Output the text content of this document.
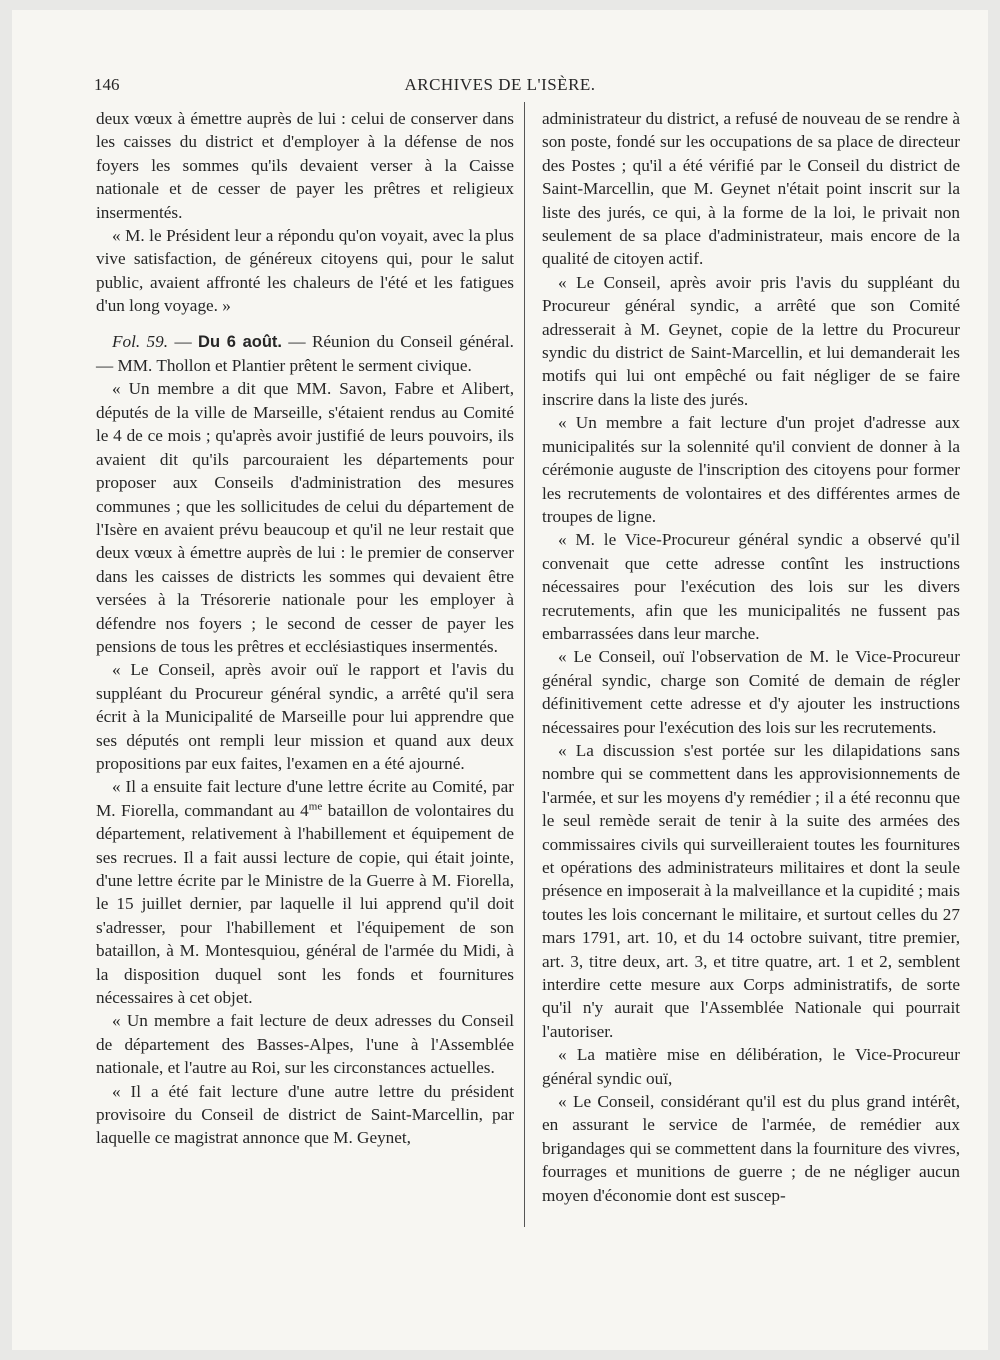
146	ARCHIVES DE L'ISÈRE.

deux vœux à émettre auprès de lui : celui de conserver dans les caisses du district et d'employer à la défense de nos foyers les sommes qu'ils devaient verser à la Caisse nationale et de cesser de payer les prêtres et religieux insermentés.

« M. le Président leur a répondu qu'on voyait, avec la plus vive satisfaction, de généreux citoyens qui, pour le salut public, avaient affronté les chaleurs de l'été et les fatigues d'un long voyage. »

Fol. 59. — Du 6 août. — Réunion du Conseil général. — MM. Thollon et Plantier prêtent le serment civique.

« Un membre a dit que MM. Savon, Fabre et Alibert, députés de la ville de Marseille, s'étaient rendus au Comité le 4 de ce mois ; qu'après avoir justifié de leurs pouvoirs, ils avaient dit qu'ils parcouraient les départements pour proposer aux Conseils d'administration des mesures communes ; que les sollicitudes de celui du département de l'Isère en avaient prévu beaucoup et qu'il ne leur restait que deux vœux à émettre auprès de lui : le premier de conserver dans les caisses de districts les sommes qui devaient être versées à la Trésorerie nationale pour les employer à défendre nos foyers ; le second de cesser de payer les pensions de tous les prêtres et ecclésiastiques insermentés.

« Le Conseil, après avoir ouï le rapport et l'avis du suppléant du Procureur général syndic, a arrêté qu'il sera écrit à la Municipalité de Marseille pour lui apprendre que ses députés ont rempli leur mission et quand aux deux propositions par eux faites, l'examen en a été ajourné.

« Il a ensuite fait lecture d'une lettre écrite au Comité, par M. Fiorella, commandant au $4^{me}$ bataillon de volontaires du département, relativement à l'habillement et équipement de ses recrues. Il a fait aussi lecture de copie, qui était jointe, d'une lettre écrite par le Ministre de la Guerre à M. Fiorella, le 15 juillet dernier, par laquelle il lui apprend qu'il doit s'adresser, pour l'habillement et l'équipement de son bataillon, à M. Montesquiou, général de l'armée du Midi, à la disposition duquel sont les fonds et fournitures nécessaires à cet objet.

« Un membre a fait lecture de deux adresses du Conseil de département des Basses-Alpes, l'une à l'Assemblée nationale, et l'autre au Roi, sur les circonstances actuelles.

« Il a été fait lecture d'une autre lettre du président provisoire du Conseil de district de Saint-Marcellin, par laquelle ce magistrat annonce que M. Geynet,

administrateur du district, a refusé de nouveau de se rendre à son poste, fondé sur les occupations de sa place de directeur des Postes ; qu'il a été vérifié par le Conseil du district de Saint-Marcellin, que M. Geynet n'était point inscrit sur la liste des jurés, ce qui, à la forme de la loi, le privait non seulement de sa place d'administrateur, mais encore de la qualité de citoyen actif.

« Le Conseil, après avoir pris l'avis du suppléant du Procureur général syndic, a arrêté que son Comité adresserait à M. Geynet, copie de la lettre du Procureur syndic du district de Saint-Marcellin, et lui demanderait les motifs qui lui ont empêché ou fait négliger de se faire inscrire dans la liste des jurés.

« Un membre a fait lecture d'un projet d'adresse aux municipalités sur la solennité qu'il convient de donner à la cérémonie auguste de l'inscription des citoyens pour former les recrutements de volontaires et des différentes armes de troupes de ligne.

« M. le Vice-Procureur général syndic a observé qu'il convenait que cette adresse contînt les instructions nécessaires pour l'exécution des lois sur les divers recrutements, afin que les municipalités ne fussent pas embarrassées dans leur marche.

« Le Conseil, ouï l'observation de M. le Vice-Procureur général syndic, charge son Comité de demain de régler définitivement cette adresse et d'y ajouter les instructions nécessaires pour l'exécution des lois sur les recrutements.

« La discussion s'est portée sur les dilapidations sans nombre qui se commettent dans les approvisionnements de l'armée, et sur les moyens d'y remédier ; il a été reconnu que le seul remède serait de tenir à la suite des armées des commissaires civils qui surveilleraient toutes les fournitures et opérations des administrateurs militaires et dont la seule présence en imposerait à la malveillance et la cupidité ; mais toutes les lois concernant le militaire, et surtout celles du 27 mars 1791, art. 10, et du 14 octobre suivant, titre premier, art. 3, titre deux, art. 3, et titre quatre, art. 1 et 2, semblent interdire cette mesure aux Corps administratifs, de sorte qu'il n'y aurait que l'Assemblée Nationale qui pourrait l'autoriser.

« La matière mise en délibération, le Vice-Procureur général syndic ouï,

« Le Conseil, considérant qu'il est du plus grand intérêt, en assurant le service de l'armée, de remédier aux brigandages qui se commettent dans la fourniture des vivres, fourrages et munitions de guerre ; de ne négliger aucun moyen d'économie dont est suscep-
